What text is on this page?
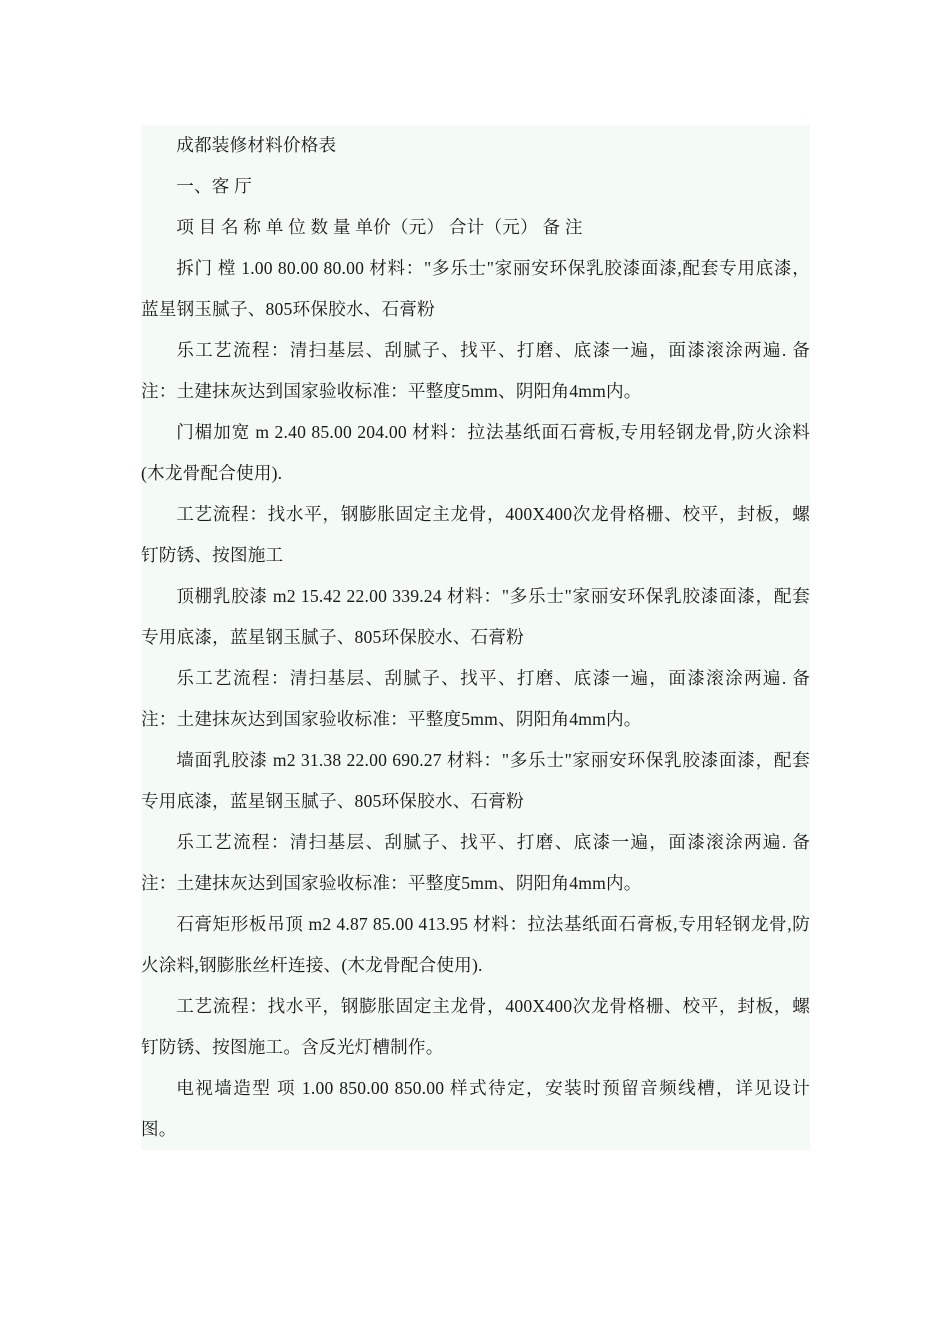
成都装修材料价格表

一、客 厅

项 目 名 称 单 位 数 量 单价（元） 合计（元） 备 注

拆门 樘 1.00 80.00 80.00 材料："多乐士"家丽安环保乳胶漆面漆,配套专用底漆，蓝星钢玉腻子、805环保胶水、石膏粉

乐工艺流程：清扫基层、刮腻子、找平、打磨、底漆一遍，面漆滚涂两遍. 备 注：土建抹灰达到国家验收标准：平整度5mm、阴阳角4mm内。

门楣加宽 m 2.40 85.00 204.00 材料：拉法基纸面石膏板,专用轻钢龙骨,防火涂料(木龙骨配合使用).

工艺流程：找水平，钢膨胀固定主龙骨，400X400次龙骨格栅、校平，封板，螺钉防锈、按图施工

顶棚乳胶漆 m2 15.42 22.00 339.24 材料："多乐士"家丽安环保乳胶漆面漆，配套专用底漆，蓝星钢玉腻子、805环保胶水、石膏粉

乐工艺流程：清扫基层、刮腻子、找平、打磨、底漆一遍，面漆滚涂两遍. 备 注：土建抹灰达到国家验收标准：平整度5mm、阴阳角4mm内。

墙面乳胶漆 m2 31.38 22.00 690.27 材料："多乐士"家丽安环保乳胶漆面漆，配套专用底漆，蓝星钢玉腻子、805环保胶水、石膏粉

乐工艺流程：清扫基层、刮腻子、找平、打磨、底漆一遍，面漆滚涂两遍. 备 注：土建抹灰达到国家验收标准：平整度5mm、阴阳角4mm内。

石膏矩形板吊顶 m2 4.87 85.00 413.95 材料：拉法基纸面石膏板,专用轻钢龙骨,防火涂料,钢膨胀丝杆连接、(木龙骨配合使用).

工艺流程：找水平，钢膨胀固定主龙骨，400X400次龙骨格栅、校平，封板，螺钉防锈、按图施工。含反光灯槽制作。

电视墙造型 项 1.00 850.00 850.00 样式待定，安装时预留音频线槽，详见设计图。
